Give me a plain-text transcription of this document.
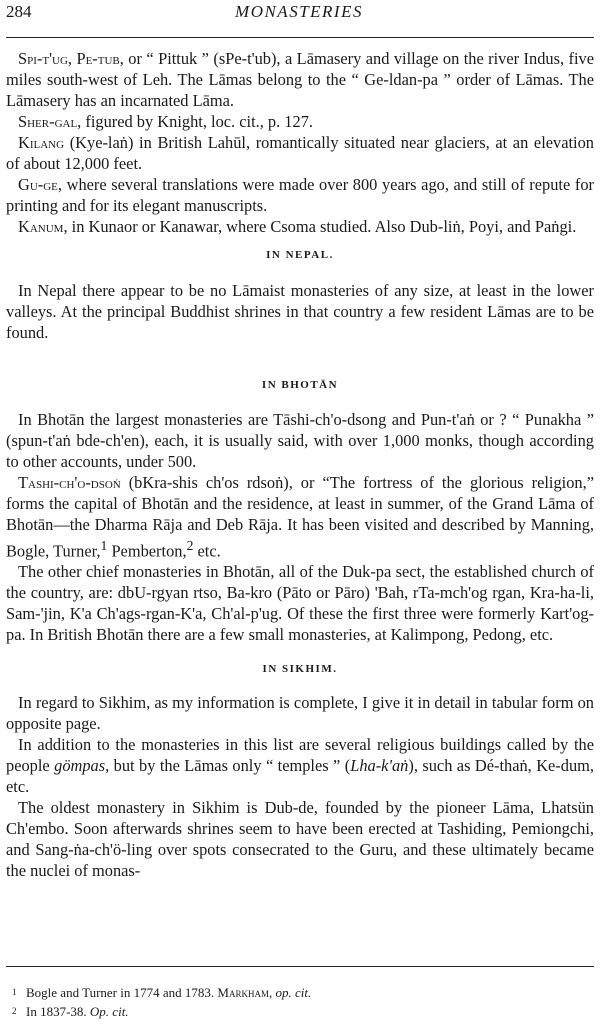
284	MONASTERIES

Spi-t'ug, Pe-tub, or “ Pittuk ” (sPe-t'ub), a Lāmasery and village on the river Indus, five miles south-west of Leh. The Lāmas belong to the “ Ge-ldan-pa ” order of Lāmas. The Lāmasery has an incarnated Lāma.

Sher-gal, figured by Knight, loc. cit., p. 127.

Kilang (Kye-laṅ) in British Lahūl, romantically situated near glaciers, at an elevation of about 12,000 feet.

Gu-ge, where several translations were made over 800 years ago, and still of repute for printing and for its elegant manuscripts.

Kanum, in Kunaor or Kanawar, where Csoma studied. Also Dub-liṅ, Poyi, and Paṅgi.

IN NEPAL.

In Nepal there appear to be no Lāmaist monasteries of any size, at least in the lower valleys. At the principal Buddhist shrines in that country a few resident Lāmas are to be found.

IN BHOTĀN

In Bhotān the largest monasteries are Tāshi-ch'o-dsong and Pun-t'aṅ or ? “ Punakha ” (spun-t'aṅ bde-ch'en), each, it is usually said, with over 1,000 monks, though according to other accounts, under 500.

Tashi-ch'o-dsoṅ (bKra-shis ch'os rdsoṅ), or “The fortress of the glorious religion,” forms the capital of Bhotān and the residence, at least in summer, of the Grand Lāma of Bhotān—the Dharma Rāja and Deb Rāja. It has been visited and described by Manning, Bogle, Turner,$^1$ Pemberton,$^2$ etc.

The other chief monasteries in Bhotān, all of the Duk-pa sect, the established church of the country, are: dbU-rgyan rtso, Ba-kro (Pāto or Pāro) 'Bah, rTa-mch'og rgan, Kra-ha-li, Sam-'jin, K'a Ch'ags-rgan-K'a, Ch'al-p'ug. Of these the first three were formerly Kart'og-pa. In British Bhotān there are a few small monasteries, at Kalimpong, Pedong, etc.

IN SIKHIM.

In regard to Sikhim, as my information is complete, I give it in detail in tabular form on opposite page.

In addition to the monasteries in this list are several religious buildings called by the people gömpas, but by the Lāmas only “ temples ” (Lha-k'aṅ), such as Dé-thaṅ, Ke-dum, etc.

The oldest monastery in Sikhim is Dub-de, founded by the pioneer Lāma, Lhatsün Ch'embo. Soon afterwards shrines seem to have been erected at Tashiding, Pemiongchi, and Sang-ṅa-ch'ö-ling over spots consecrated to the Guru, and these ultimately became the nuclei of monas-

1 Bogle and Turner in 1774 and 1783. Markham, op. cit.

2 In 1837-38. Op. cit.
